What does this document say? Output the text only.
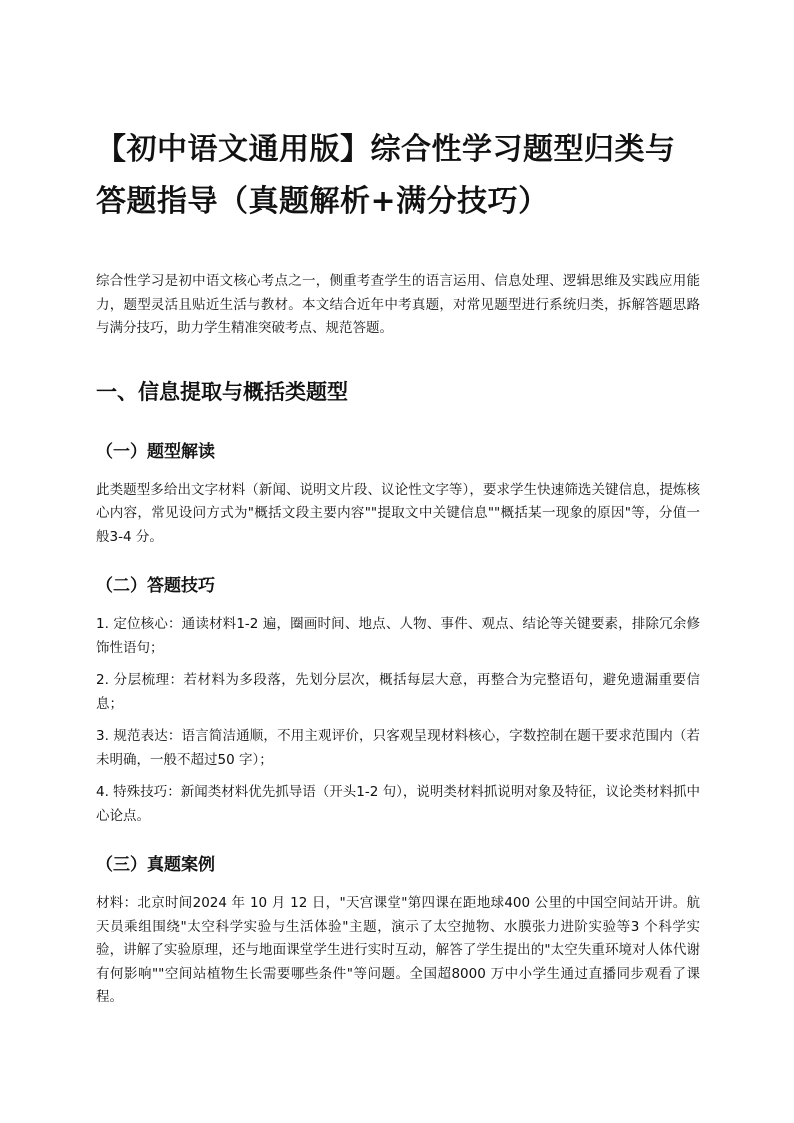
【初中语文通用版】综合性学习题型归类与答题指导（真题解析+满分技巧）

综合性学习是初中语文核心考点之一，侧重考查学生的语言运用、信息处理、逻辑思维及实践应用能力，题型灵活且贴近生活与教材。本文结合近年中考真题，对常见题型进行系统归类，拆解答题思路与满分技巧，助力学生精准突破考点、规范答题。

一、信息提取与概括类题型
（一）题型解读

此类题型多给出文字材料（新闻、说明文片段、议论性文字等），要求学生快速筛选关键信息，提炼核心内容，常见设问方式为"概括文段主要内容""提取文中关键信息""概括某一现象的原因"等，分值一般3-4 分。

（二）答题技巧

1. 定位核心：通读材料1-2 遍，圈画时间、地点、人物、事件、观点、结论等关键要素，排除冗余修饰性语句；

2. 分层梳理：若材料为多段落，先划分层次，概括每层大意，再整合为完整语句，避免遗漏重要信息；

3. 规范表达：语言简洁通顺，不用主观评价，只客观呈现材料核心，字数控制在题干要求范围内（若未明确，一般不超过50 字）；

4. 特殊技巧：新闻类材料优先抓导语（开头1-2 句），说明类材料抓说明对象及特征，议论类材料抓中心论点。

（三）真题案例

材料：北京时间2024 年 10 月 12 日，"天宫课堂"第四课在距地球400 公里的中国空间站开讲。航天员乘组围绕"太空科学实验与生活体验"主题，演示了太空抛物、水膜张力进阶实验等3 个科学实验，讲解了实验原理，还与地面课堂学生进行实时互动，解答了学生提出的"太空失重环境对人体代谢有何影响""空间站植物生长需要哪些条件"等问题。全国超8000 万中小学生通过直播同步观看了课程。
